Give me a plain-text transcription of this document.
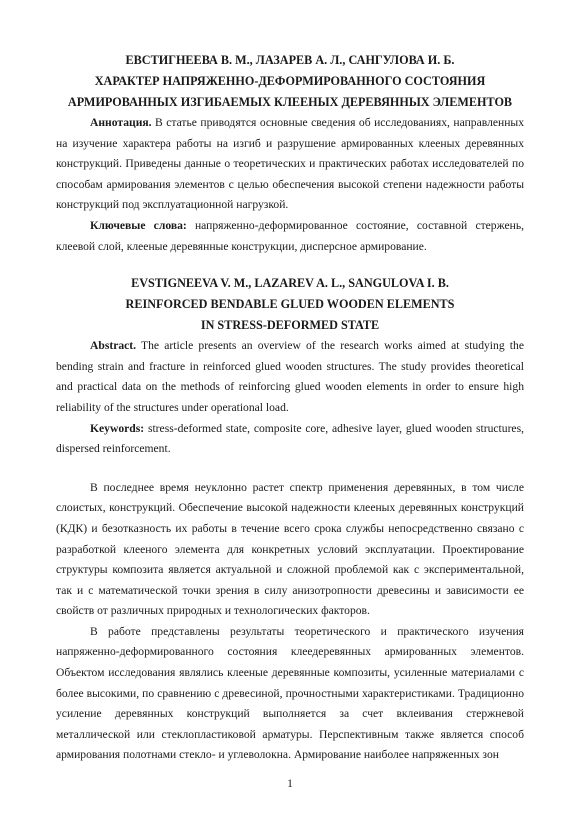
ЕВСТИГНЕЕВА В. М., ЛАЗАРЕВ А. Л., САНГУЛОВА И. Б.
ХАРАКТЕР НАПРЯЖЕННО-ДЕФОРМИРОВАННОГО СОСТОЯНИЯ
АРМИРОВАННЫХ ИЗГИБАЕМЫХ КЛЕЕНЫХ ДЕРЕВЯННЫХ ЭЛЕМЕНТОВ

Аннотация. В статье приводятся основные сведения об исследованиях, направленных на изучение характера работы на изгиб и разрушение армированных клееных деревянных конструкций. Приведены данные о теоретических и практических работах исследователей по способам армирования элементов с целью обеспечения высокой степени надежности работы конструкций под эксплуатационной нагрузкой.

Ключевые слова: напряженно-деформированное состояние, составной стержень, клеевой слой, клееные деревянные конструкции, дисперсное армирование.

EVSTIGNEEVA V. M., LAZAREV A. L., SANGULOVA I. B.
REINFORCED BENDABLE GLUED WOODEN ELEMENTS
IN STRESS-DEFORMED STATE

Abstract. The article presents an overview of the research works aimed at studying the bending strain and fracture in reinforced glued wooden structures. The study provides theoretical and practical data on the methods of reinforcing glued wooden elements in order to ensure high reliability of the structures under operational load.

Keywords: stress-deformed state, composite core, adhesive layer, glued wooden structures, dispersed reinforcement.

В последнее время неуклонно растет спектр применения деревянных, в том числе слоистых, конструкций. Обеспечение высокой надежности клееных деревянных конструкций (КДК) и безотказность их работы в течение всего срока службы непосредственно связано с разработкой клееного элемента для конкретных условий эксплуатации. Проектирование структуры композита является актуальной и сложной проблемой как с экспериментальной, так и с математической точки зрения в силу анизотропности древесины и зависимости ее свойств от различных природных и технологических факторов.

В работе представлены результаты теоретического и практического изучения напряженно-деформированного состояния клеедеревянных армированных элементов. Объектом исследования являлись клееные деревянные композиты, усиленные материалами с более высокими, по сравнению с древесиной, прочностными характеристиками. Традиционно усиление деревянных конструкций выполняется за счет вклеивания стержневой металлической или стеклопластиковой арматуры. Перспективным также является способ армирования полотнами стекло- и углеволокна. Армирование наиболее напряженных зон

1
